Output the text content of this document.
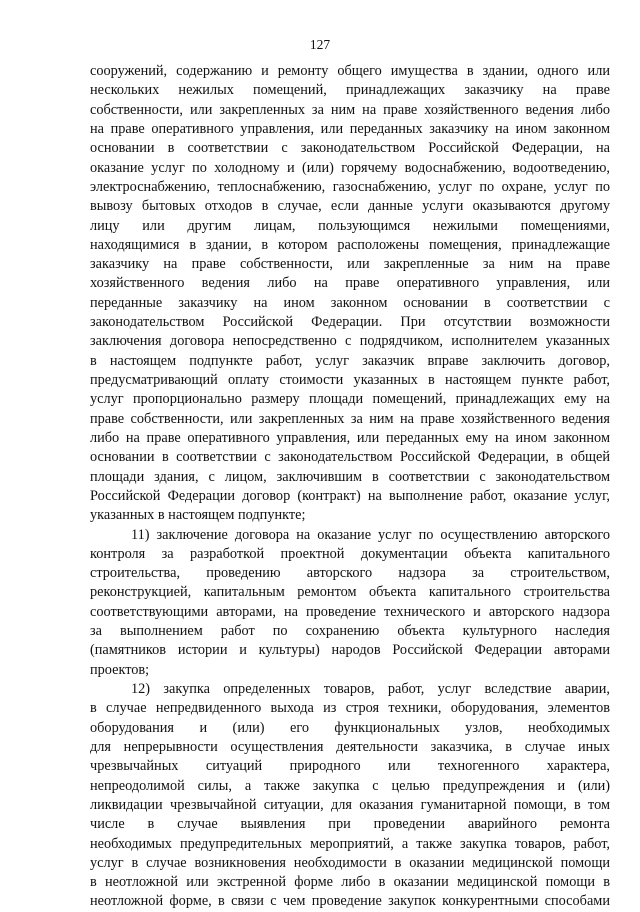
127
сооружений, содержанию и ремонту общего имущества в здании, одного или
нескольких нежилых помещений, принадлежащих заказчику на праве
собственности, или закрепленных за ним на праве хозяйственного ведения либо
на праве оперативного управления, или переданных заказчику на ином законном
основании в соответствии с законодательством Российской Федерации, на
оказание услуг по холодному и (или) горячему водоснабжению, водоотведению,
электроснабжению, теплоснабжению, газоснабжению, услуг по охране, услуг по
вывозу бытовых отходов в случае, если данные услуги оказываются другому
лицу или другим лицам, пользующимся нежилыми помещениями,
находящимися в здании, в котором расположены помещения, принадлежащие
заказчику на праве собственности, или закрепленные за ним на праве
хозяйственного ведения либо на праве оперативного управления, или
переданные заказчику на ином законном основании в соответствии с
законодательством Российской Федерации. При отсутствии возможности
заключения договора непосредственно с подрядчиком, исполнителем указанных
в настоящем подпункте работ, услуг заказчик вправе заключить договор,
предусматривающий оплату стоимости указанных в настоящем пункте работ,
услуг пропорционально размеру площади помещений, принадлежащих ему на
праве собственности, или закрепленных за ним на праве хозяйственного ведения
либо на праве оперативного управления, или переданных ему на ином законном
основании в соответствии с законодательством Российской Федерации, в общей
площади здания, с лицом, заключившим в соответствии с законодательством
Российской Федерации договор (контракт) на выполнение работ, оказание услуг,
указанных в настоящем подпункте;
11) заключение договора на оказание услуг по осуществлению авторского
контроля за разработкой проектной документации объекта капитального
строительства, проведению авторского надзора за строительством,
реконструкцией, капитальным ремонтом объекта капитального строительства
соответствующими авторами, на проведение технического и авторского надзора
за выполнением работ по сохранению объекта культурного наследия
(памятников истории и культуры) народов Российской Федерации авторами
проектов;
12) закупка определенных товаров, работ, услуг вследствие аварии,
в случае непредвиденного выхода из строя техники, оборудования, элементов
оборудования и (или) его функциональных узлов, необходимых
для непрерывности осуществления деятельности заказчика, в случае иных
чрезвычайных ситуаций природного или техногенного характера,
непреодолимой силы, а также закупка с целью предупреждения и (или)
ликвидации чрезвычайной ситуации, для оказания гуманитарной помощи, в том
числе в случае выявления при проведении аварийного ремонта
необходимых предупредительных мероприятий, а также закупка товаров, работ,
услуг в случае возникновения необходимости в оказании медицинской помощи
в неотложной или экстренной форме либо в оказании медицинской помощи в
неотложной форме, в связи с чем проведение закупок конкурентными способами
